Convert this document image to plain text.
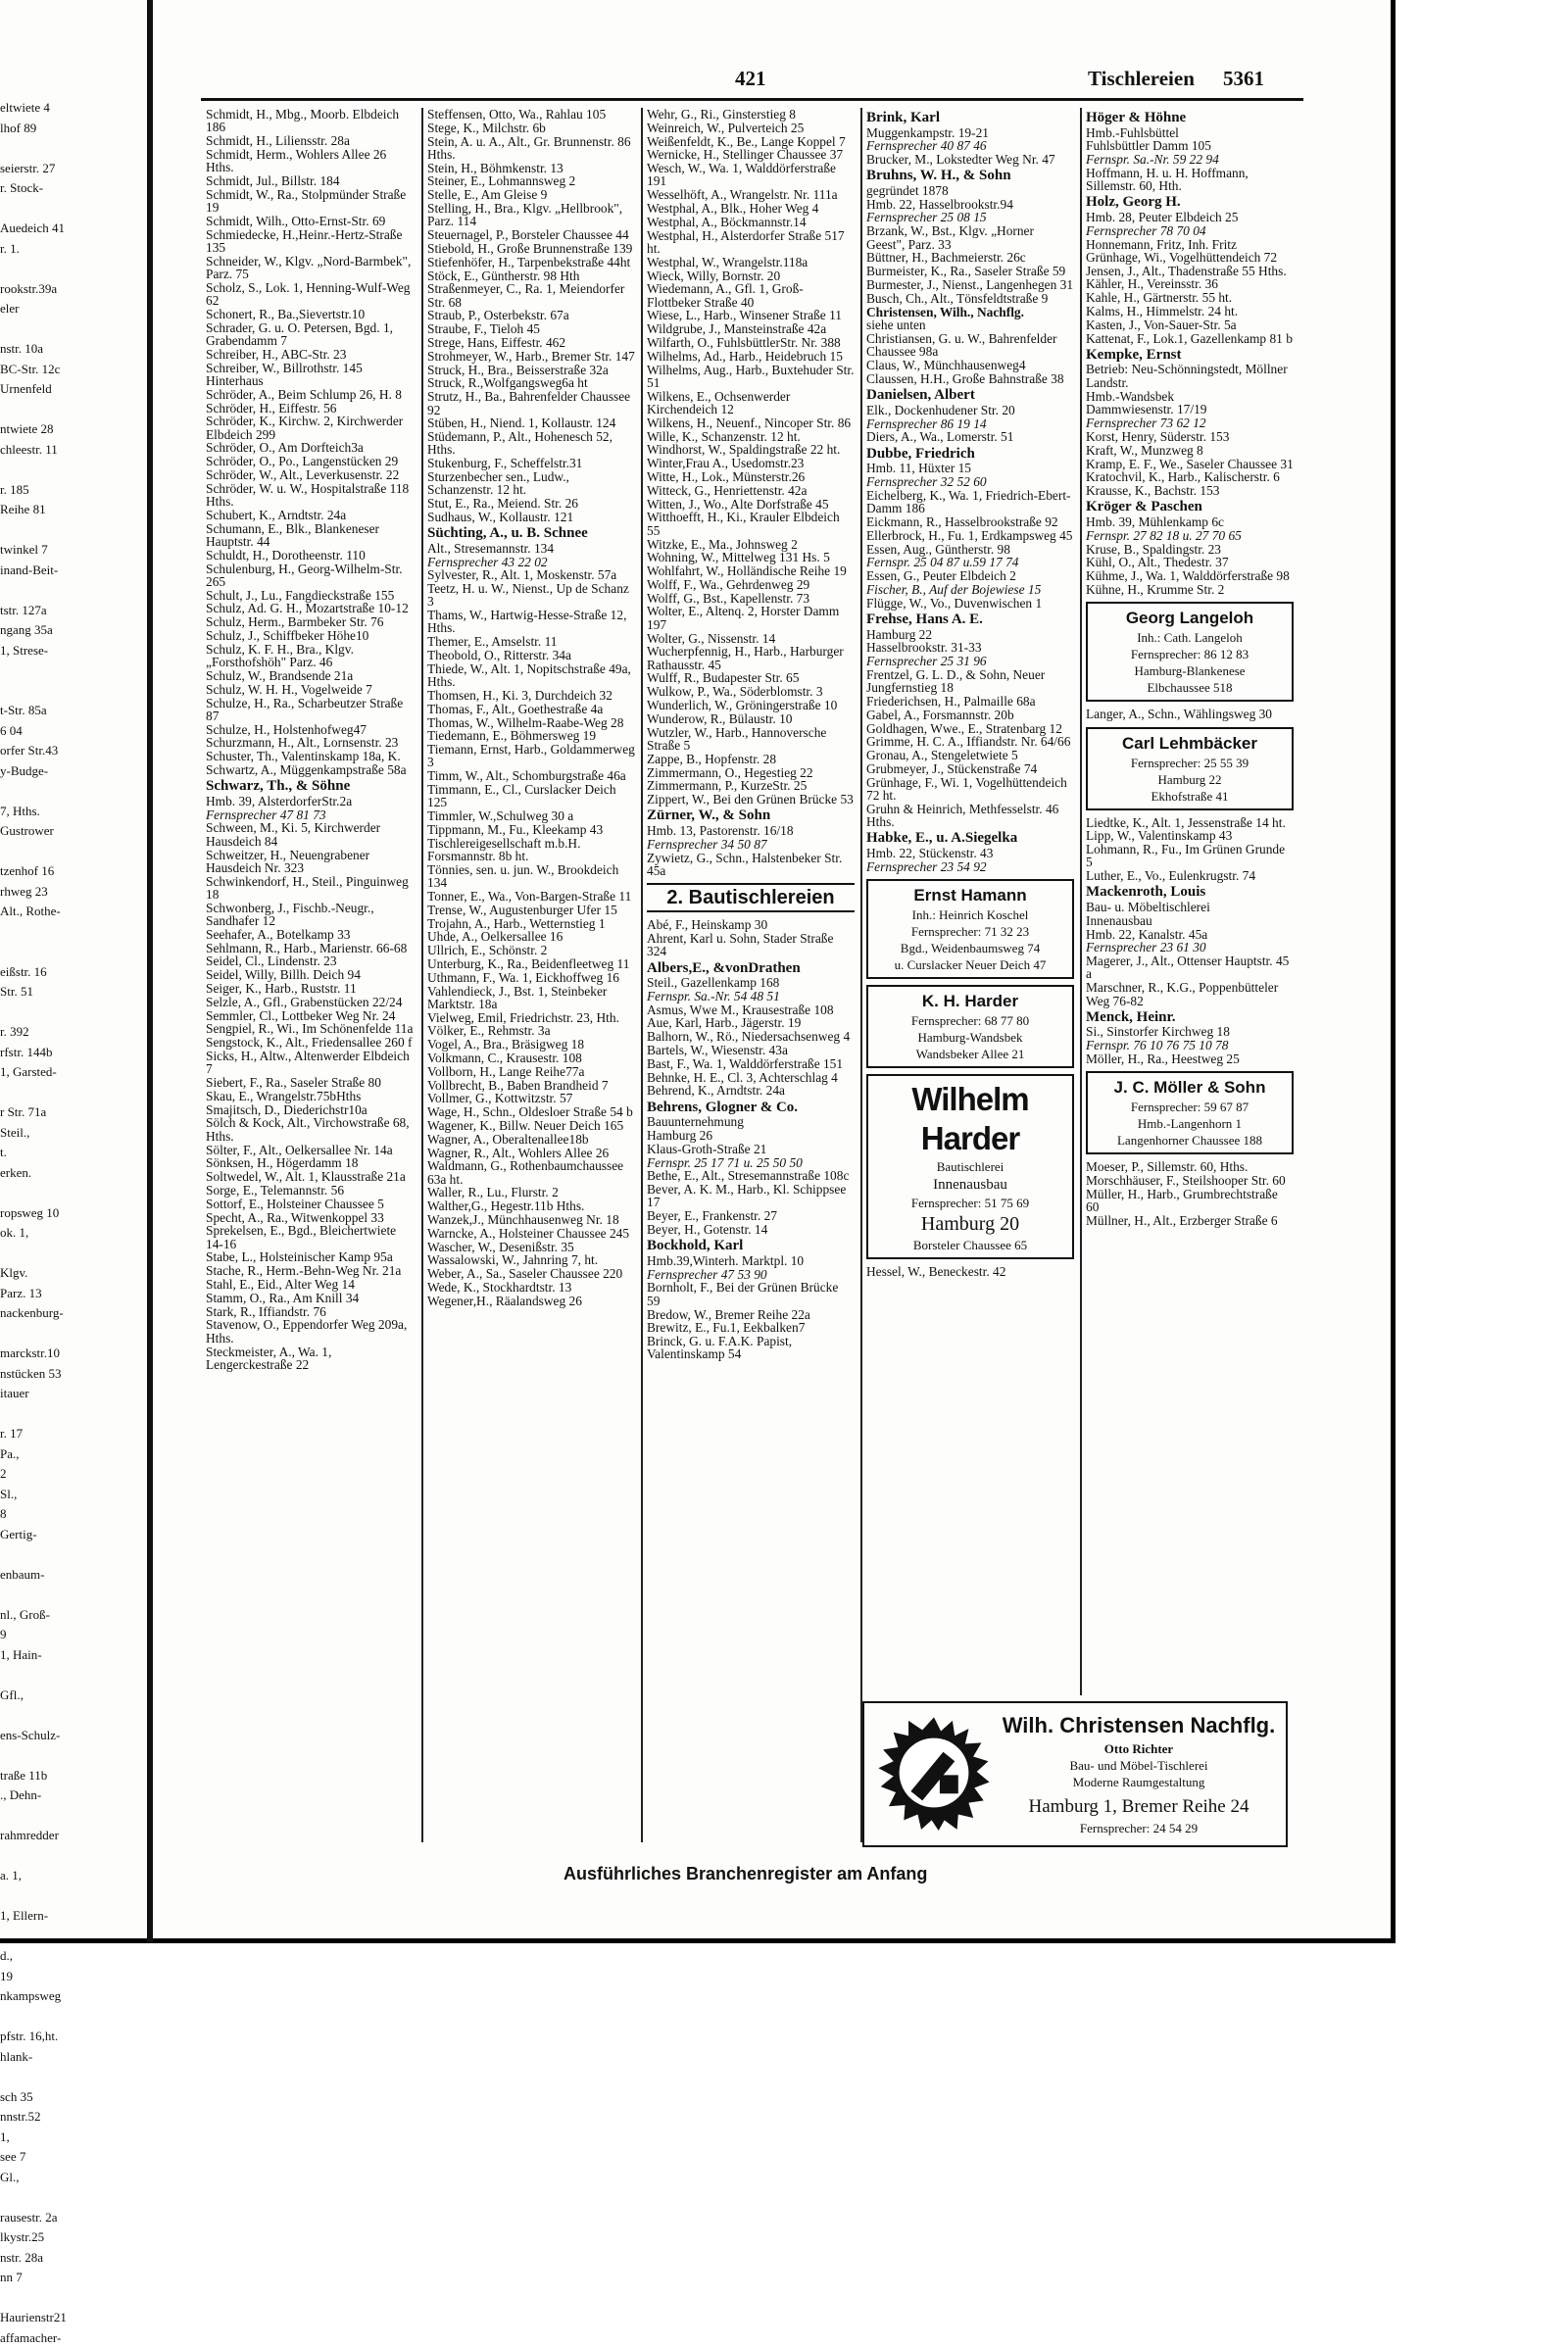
eltwiete 4
lhof 89
seierstr. 27
r. Stock-
Auedeich 41
r. 1.
rookstr.39a
eler
nstr. 10a
BC-Str. 12c
Urnenfeld
ntwiete 28
chleestr. 11
r. 185
Reihe 81
twinkel 7
inand-Beit-
tstr. 127a
ngang 35a
1, Strese-
t-Str. 85a
6 04
orfer Str.43
y-Budge-
7, Hths.
Gustrower
tzenhof 16
rhweg 23
Alt., Rothe-
eißstr. 16
Str. 51
r. 392
rfstr. 144b
1, Garsted-
r Str. 71a
Steil.,
t.
erken.
ropsweg 10
ok. 1,
Klgv.
Parz. 13
nackenburg-
marckstr.10
nstücken 53
itauer
r. 17
Pa.,
2
Sl.,
8
Gertig-
enbaum-
nl., Groß-
9
1, Hain-
Gfl.,
ens-Schulz-
traße 11b
., Dehn-
rahmredder
a. 1,
1, Ellern-
d.,
19
nkampsweg
pfstr. 16,ht.
hlank-
sch 35
nnstr.52
1,
see 7
Gl.,
rausestr. 2a
lkystr.25
nstr. 28a
nn 7
Haurienstr21
affamacher-
421	Tischlereien 5361
Schmidt, H., Mbg., Moorb. Elbdeich 186
Schmidt, H., Liliensstr. 28a
Schmidt, Herm., Wohlers Allee 26 Hths.
Schmidt, Jul., Billstr. 184
Schmidt, W., Ra., Stolpmünder Straße 19
Schmidt, Wilh., Otto-Ernst-Str. 69
Schmiedecke, H.,Heinr.-Hertz-Straße 135
Schneider, W., Klgv. „Nord-Barmbek", Parz. 75
Scholz, S., Lok. 1, Henning-Wulf-Weg 62
Schonert, R., Ba.,Sievertstr.10
Schrader, G. u. O. Petersen, Bgd. 1, Grabendamm 7
Schreiber, H., ABC-Str. 23
Schreiber, W., Billrothstr. 145 Hinterhaus
Schröder, A., Beim Schlump 26, H. 8
Schröder, H., Eiffestr. 56
Schröder, K., Kirchw. 2, Kirchwerder Elbdeich 299
Schröder, O., Am Dorfteich3a
Schröder, O., Po., Langenstücken 29
Schröder, W., Alt., Leverkusenstr. 22
Schröder, W. u. W., Hospitalstraße 118 Hths.
Schubert, K., Arndtstr. 24a
Schumann, E., Blk., Blankeneser Hauptstr. 44
Schuldt, H., Dorotheenstr. 110
Schulenburg, H., Georg-Wilhelm-Str. 265
Schult, J., Lu., Fangdieckstraße 155
Schulz, Ad. G. H., Mozartstraße 10-12
Schulz, Herm., Barmbeker Str. 76
Schulz, J., Schiffbeker Höhe10
Schulz, K. F. H., Bra., Klgv. „Forsthofshöh" Parz. 46
Schulz, W., Brandsende 21a
Schulz, W. H. H., Vogelweide 7
Schulze, H., Ra., Scharbeutzer Straße 87
Schulze, H., Holstenhofweg47
Schurzmann, H., Alt., Lornsenstr. 23
Schuster, Th., Valentinskamp 18a, K.
Schwartz, A., Müggenkampstraße 58a
Schwarz, Th., & Söhne
Hmb. 39, AlsterdorferStr.2a
Fernsprecher 47 81 73
Schween, M., Ki. 5, Kirchwerder Hausdeich 84
Schweitzer, H., Neuengrabener Hausdeich Nr. 323
Schwinkendorf, H., Steil., Pinguinweg 18
Schwonberg, J., Fischb.-Neugr., Sandhafer 12
Seehafer, A., Botelkamp 33
Sehlmann, R., Harb., Marienstr. 66-68
Seidel, Cl., Lindenstr. 23
Seidel, Willy, Billh. Deich 94
Seiger, K., Harb., Ruststr. 11
Selzle, A., Gfl., Grabenstücken 22/24
Semmler, Cl., Lottbeker Weg Nr. 24
Sengpiel, R., Wi., Im Schönenfelde 11a
Sengstock, K., Alt., Friedensallee 260 f
Sicks, H., Altw., Altenwerder Elbdeich 7
Siebert, F., Ra., Saseler Straße 80
Skau, E., Wrangelstr.75bHths
Smajitsch, D., Diederichstr10a
Sölch & Kock, Alt., Virchowstraße 68, Hths.
Sölter, F., Alt., Oelkersallee Nr. 14a
Sönksen, H., Högerdamm 18
Soltwedel, W., Alt. 1, Klausstraße 21a
Sorge, E., Telemannstr. 56
Sottorf, E., Holsteiner Chaussee 5
Specht, A., Ra., Witwenkoppel 33
Sprekelsen, E., Bgd., Bleichertwiete 14-16
Stabe, L., Holsteinischer Kamp 95a
Stache, R., Herm.-Behn-Weg Nr. 21a
Stahl, E., Eid., Alter Weg 14
Stamm, O., Ra., Am Knill 34
Stark, R., Iffiandstr. 76
Stavenow, O., Eppendorfer Weg 209a, Hths.
Steckmeister, A., Wa. 1, Lengerckestraße 22
Steffensen, Otto, Wa., Rahlau 105
Stege, K., Milchstr. 6b
Stein, A. u. A., Alt., Gr. Brunnenstr. 86 Hths.
Stein, H., Böhmkenstr. 13
Steiner, E., Lohmannsweg 2
Stelle, E., Am Gleise 9
Stelling, H., Bra., Klgv. „Hellbrook", Parz. 114
Steuernagel, P., Borsteler Chaussee 44
Stiebold, H., Große Brunnenstraße 139
Stiefenhöfer, H., Tarpenbekstraße 44ht
Stöck, E., Güntherstr. 98 Hth
Straßenmeyer, C., Ra. 1, Meiendorfer Str. 68
Straub, P., Osterbekstr. 67a
Straube, F., Tieloh 45
Strege, Hans, Eiffestr. 462
Strohmeyer, W., Harb., Bremer Str. 147
Struck, H., Bra., Beisserstraße 32a
Struck, R.,Wolfgangsweg6a ht
Strutz, H., Ba., Bahrenfelder Chaussee 92
Stüben, H., Niend. 1, Kollaustr. 124
Stüdemann, P., Alt., Hohenesch 52, Hths.
Stukenburg, F., Scheffelstr.31
Sturzenbecher sen., Ludw., Schanzenstr. 12 ht.
Stut, E., Ra., Meiend. Str. 26
Sudhaus, W., Kollaustr. 121
Süchting, A., u. B. Schnee
Alt., Stresemannstr. 134
Fernsprecher 43 22 02
Sylvester, R., Alt. 1, Moskenstr. 57a
Teetz, H. u. W., Nienst., Up de Schanz 3
Thams, W., Hartwig-Hesse-Straße 12, Hths.
Themer, E., Amselstr. 11
Theobold, O., Ritterstr. 34a
Thiede, W., Alt. 1, Nopitschstraße 49a, Hths.
Thomsen, H., Ki. 3, Durchdeich 32
Thomas, F., Alt., Goethestraße 4a
Thomas, W., Wilhelm-Raabe-Weg 28
Tiedemann, E., Böhmersweg 19
Tiemann, Ernst, Harb., Goldammerweg 3
Timm, W., Alt., Schomburgstraße 46a
Timmann, E., Cl., Curslacker Deich 125
Timmler, W.,Schulweg 30 a
Tippmann, M., Fu., Kleekamp 43
Tischlereigesellschaft m.b.H. Forsmannstr. 8b ht.
Tönnies, sen. u. jun. W., Brookdeich 134
Tonner, E., Wa., Von-Bargen-Straße 11
Trense, W., Augustenburger Ufer 15
Trojahn, A., Harb., Wetternstieg 1
Uhde, A., Oelkersallee 16
Ullrich, E., Schönstr. 2
Unterburg, K., Ra., Beidenfleetweg 11
Uthmann, F., Wa. 1, Eickhoffweg 16
Vahlendieck, J., Bst. 1, Steinbeker Marktstr. 18a
Vielweg, Emil, Friedrichstr. 23, Hth.
Völker, E., Rehmstr. 3a
Vogel, A., Bra., Bräsigweg 18
Volkmann, C., Krausestr. 108
Vollborn, H., Lange Reihe77a
Vollbrecht, B., Baben Brandheid 7
Vollmer, G., Kottwitzstr. 57
Wage, H., Schn., Oldesloer Straße 54 b
Wagener, K., Billw. Neuer Deich 165
Wagner, A., Oberaltenallee18b
Wagner, R., Alt., Wohlers Allee 26
Waldmann, G., Rothenbaumchaussee 63a ht.
Waller, R., Lu., Flurstr. 2
Walther,G., Hegestr.11b Hths.
Wanzek,J., Münchhausenweg Nr. 18
Warncke, A., Holsteiner Chaussee 245
Wascher, W., Desenißstr. 35
Wassalowski, W., Jahnring 7, ht.
Weber, A., Sa., Saseler Chaussee 220
Wede, K., Stockhardtstr. 13
Wegener,H., Räalandsweg 26
Wehr, G., Ri., Ginsterstieg 8
Weinreich, W., Pulverteich 25
Weißenfeldt, K., Be., Lange Koppel 7
Wernicke, H., Stellinger Chaussee 37
Wesch, W., Wa. 1, Walddörferstraße 191
Wesselhöft, A., Wrangelstr. Nr. 111a
Westphal, A., Blk., Hoher Weg 4
Westphal, A., Böckmannstr.14
Westphal, H., Alsterdorfer Straße 517 ht.
Westphal, W., Wrangelstr.118a
Wieck, Willy, Bornstr. 20
Wiedemann, A., Gfl. 1, Groß-Flottbeker Straße 40
Wiese, L., Harb., Winsener Straße 11
Wildgrube, J., Mansteinstraße 42a
Wilfarth, O., FuhlsbüttlerStr. Nr. 388
Wilhelms, Ad., Harb., Heidebruch 15
Wilhelms, Aug., Harb., Buxtehuder Str. 51
Wilkens, E., Ochsenwerder Kirchendeich 12
Wilkens, H., Neuenf., Nincoper Str. 86
Wille, K., Schanzenstr. 12 ht.
Windhorst, W., Spaldingstraße 22 ht.
Winter,Frau A., Usedomstr.23
Witte, H., Lok., Münsterstr.26
Witteck, G., Henriettenstr. 42a
Witten, J., Wo., Alte Dorfstraße 45
Witthoefft, H., Ki., Krauler Elbdeich 55
Witzke, E., Ma., Johnsweg 2
Wohning, W., Mittelweg 131 Hs. 5
Wohlfahrt, W., Holländische Reihe 19
Wolff, F., Wa., Gehrdenweg 29
Wolff, G., Bst., Kapellenstr. 73
Wolter, E., Altenq. 2, Horster Damm 197
Wolter, G., Nissenstr. 14
Wucherpfennig, H., Harb., Harburger Rathausstr. 45
Wulff, R., Budapester Str. 65
Wulkow, P., Wa., Söderblomstr. 3
Wunderlich, W., Gröningerstraße 10
Wunderow, R., Bülaustr. 10
Wutzler, W., Harb., Hannoversche Straße 5
Zappe, B., Hopfenstr. 28
Zimmermann, O., Hegestieg 22
Zimmermann, P., KurzeStr. 25
Zippert, W., Bei den Grünen Brücke 53
Zürner, W., & Sohn
Hmb. 13, Pastorenstr. 16/18
Fernsprecher 34 50 87
Zywietz, G., Schn., Halstenbeker Str. 45a
2. Bautischlereien
Abé, F., Heinskamp 30
Ahrent, Karl u. Sohn, Stader Straße 324
Albers,E., &vonDrathen
Steil., Gazellenkamp 168
Fernspr. Sa.-Nr. 54 48 51
Asmus, Wwe M., Krausestraße 108
Aue, Karl, Harb., Jägerstr. 19
Balhorn, W., Rö., Niedersachsenweg 4
Bartels, W., Wiesenstr. 43a
Bast, F., Wa. 1, Walddörferstraße 151
Behnke, H. E., Cl. 3, Achterschlag 4
Behrend, K., Arndtstr. 24a
Behrens, Glogner & Co.
Bauunternehmung
Hamburg 26
Klaus-Groth-Straße 21
Fernspr. 25 17 71 u. 25 50 50
Bethe, E., Alt., Stresemannstraße 108c
Bever, A. K. M., Harb., Kl. Schippsee 17
Beyer, E., Frankenstr. 27
Beyer, H., Gotenstr. 14
Bockhold, Karl
Hmb.39,Winterh. Marktpl. 10
Fernsprecher 47 53 90
Bornholt, F., Bei der Grünen Brücke 59
Bredow, W., Bremer Reihe 22a
Brewitz, E., Fu.1, Eekbalken7
Brinck, G. u. F.A.K. Papist, Valentinskamp 54
Brink, Karl
Muggenkampstr. 19-21
Fernsprecher 40 87 46
Brucker, M., Lokstedter Weg Nr. 47
Bruhns, W. H., & Sohn
gegründet 1878
Hmb. 22, Hasselbrookstr.94
Fernsprecher 25 08 15
Brzank, W., Bst., Klgv. „Horner Geest", Parz. 33
Büttner, H., Bachmeierstr. 26c
Burmeister, K., Ra., Saseler Straße 59
Burmester, J., Nienst., Langenhegen 31
Busch, Ch., Alt., Tönsfeldtstraße 9
Christensen, Wilh., Nachflg.
siehe unten
Christiansen, G. u. W., Bahrenfelder Chaussee 98a
Claus, W., Münchhausenweg4
Claussen, H.H., Große Bahnstraße 38
Danielsen, Albert
Elk., Dockenhudener Str. 20
Fernsprecher 86 19 14
Diers, A., Wa., Lomerstr. 51
Dubbe, Friedrich
Hmb. 11, Hüxter 15
Fernsprecher 32 52 60
Eichelberg, K., Wa. 1, Friedrich-Ebert-Damm 186
Eickmann, R., Hasselbrookstraße 92
Ellerbrock, H., Fu. 1, Erdkampsweg 45
Essen, Aug., Güntherstr. 98
Fernspr. 25 04 87 u.59 17 74
Essen, G., Peuter Elbdeich 2
Fischer, B., Auf der Bojewiese 15
Flügge, W., Vo., Duvenwischen 1
Frehse, Hans A. E.
Hamburg 22
Hasselbrookstr. 31-33
Fernsprecher 25 31 96
Frentzel, G. L. D., & Sohn, Neuer Jungfernstieg 18
Friederichsen, H., Palmaille 68a
Gabel, A., Forsmannstr. 20b
Goldhagen, Wwe., E., Stratenbarg 12
Grimme, H. C. A., Iffiandstr. Nr. 64/66
Gronau, A., Stengeletwiete 5
Grubmeyer, J., Stückenstraße 74
Grünhage, F., Wi. 1, Vogelhüttendeich 72 ht.
Gruhn & Heinrich, Methfesselstr. 46 Hths.
Habke, E., u. A.Siegelka
Hmb. 22, Stückenstr. 43
Fernsprecher 23 54 92
Ernst Hamann
Inh.: Heinrich Koschel
Fernsprecher: 71 32 23
Bgd., Weidenbaumsweg 74
u. Curslacker Neuer Deich 47
K. H. Harder
Fernsprecher: 68 77 80
Hamburg-Wandsbek
Wandsbeker Allee 21
Wilhelm Harder
Bautischlerei
Innenausbau
Fernsprecher: 51 75 69
Hamburg 20
Borsteler Chaussee 65
Hessel, W., Beneckestr. 42
Höger & Höhne
Hmb.-Fuhlsbüttel
Fuhlsbüttler Damm 105
Fernspr. Sa.-Nr. 59 22 94
Hoffmann, H. u. H. Hoffmann, Sillemstr. 60, Hth.
Holz, Georg H.
Hmb. 28, Peuter Elbdeich 25
Fernsprecher 78 70 04
Honnemann, Fritz, Inh. Fritz Grünhage, Wi., Vogelhüttendeich 72
Jensen, J., Alt., Thadenstraße 55 Hths.
Kähler, H., Vereinsstr. 36
Kahle, H., Gärtnerstr. 55 ht.
Kalms, H., Himmelstr. 24 ht.
Kasten, J., Von-Sauer-Str. 5a
Kattenat, F., Lok.1, Gazellenkamp 81 b
Kempke, Ernst
Betrieb: Neu-Schönningstedt, Möllner Landstr.
Hmb.-Wandsbek
Dammwiesenstr. 17/19
Fernsprecher 73 62 12
Korst, Henry, Süderstr. 153
Kraft, W., Munzweg 8
Kramp, E. F., We., Saseler Chaussee 31
Kratochvil, K., Harb., Kalischerstr. 6
Krausse, K., Bachstr. 153
Kröger & Paschen
Hmb. 39, Mühlenkamp 6c
Fernspr. 27 82 18 u. 27 70 65
Kruse, B., Spaldingstr. 23
Kühl, O., Alt., Thedestr. 37
Kühme, J., Wa. 1, Walddörferstraße 98
Kühne, H., Krumme Str. 2
Georg Langeloh
Inh.: Cath. Langeloh
Fernsprecher: 86 12 83
Hamburg-Blankenese
Elbchaussee 518
Langer, A., Schn., Wählingsweg 30
Carl Lehmbäcker
Fernsprecher: 25 55 39
Hamburg 22
Ekhofstraße 41
Liedtke, K., Alt. 1, Jessenstraße 14 ht.
Lipp, W., Valentinskamp 43
Lohmann, R., Fu., Im Grünen Grunde 5
Luther, E., Vo., Eulenkrugstr. 74
Mackenroth, Louis
Bau- u. Möbeltischlerei
Innenausbau
Hmb. 22, Kanalstr. 45a
Fernsprecher 23 61 30
Magerer, J., Alt., Ottenser Hauptstr. 45 a
Marschner, R., K.G., Poppenbütteler Weg 76-82
Menck, Heinr.
Si., Sinstorfer Kirchweg 18
Fernspr. 76 10 76 75 10 78
Möller, H., Ra., Heestweg 25
J. C. Möller & Sohn
Fernsprecher: 59 67 87
Hmb.-Langenhorn 1
Langenhorner Chaussee 188
Moeser, P., Sillemstr. 60, Hths.
Morschhäuser, F., Steilshooper Str. 60
Müller, H., Harb., Grumbrechtstraße 60
Müllner, H., Alt., Erzberger Straße 6
Wilh. Christensen Nachflg.
Otto Richter
Bau- und Möbel-Tischlerei
Moderne Raumgestaltung
Hamburg 1, Bremer Reihe 24
Fernsprecher: 24 54 29
Ausführliches Branchenregister am Anfang
